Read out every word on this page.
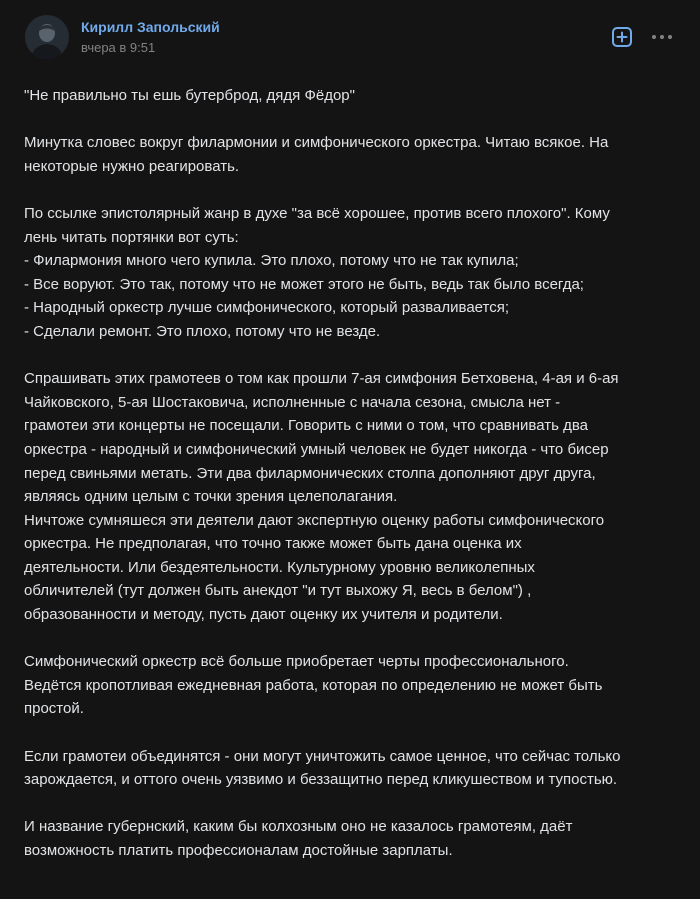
Кирилл Запольский
вчера в 9:51

"Не правильно ты ешь бутерброд, дядя Фёдор"

Минутка словес вокруг филармонии и симфонического оркестра. Читаю всякое. На
некоторые нужно реагировать.

По ссылке эпистолярный жанр в духе "за всё хорошее, против всего плохого". Кому
лень читать портянки вот суть:
- Филармония много чего купила. Это плохо, потому что не так купила;
- Все воруют. Это так, потому что не может этого не быть, ведь так было всегда;
- Народный оркестр лучше симфонического, который разваливается;
- Сделали ремонт. Это плохо, потому что не везде.

Спрашивать этих грамотеев о том как прошли 7-ая симфония Бетховена, 4-ая и 6-ая
Чайковского, 5-ая Шостаковича, исполненные с начала сезона, смысла нет -
грамотеи эти концерты не посещали. Говорить с ними о том, что сравнивать два
оркестра - народный и симфонический умный человек не будет никогда - что бисер
перед свиньями метать. Эти два филармонических столпа дополняют друг друга,
являясь одним целым с точки зрения целеполагания.
Ничтоже сумняшеся эти деятели дают экспертную оценку работы симфонического
оркестра. Не предполагая, что точно также может быть дана оценка их
деятельности. Или бездеятельности. Культурному уровню великолепных
обличителей (тут должен быть анекдот "и тут выхожу Я, весь в белом") ,
образованности и методу, пусть дают оценку их учителя и родители.

Симфонический оркестр всё больше приобретает черты профессионального.
Ведётся кропотливая ежедневная работа, которая по определению не может быть
простой.

Если грамотеи объединятся - они могут уничтожить самое ценное, что сейчас только
зарождается, и оттого очень уязвимо и беззащитно перед кликушеством и тупостью.

И название губернский, каким бы колхозным оно не казалось грамотеям, даёт
возможность платить профессионалам достойные зарплаты.
